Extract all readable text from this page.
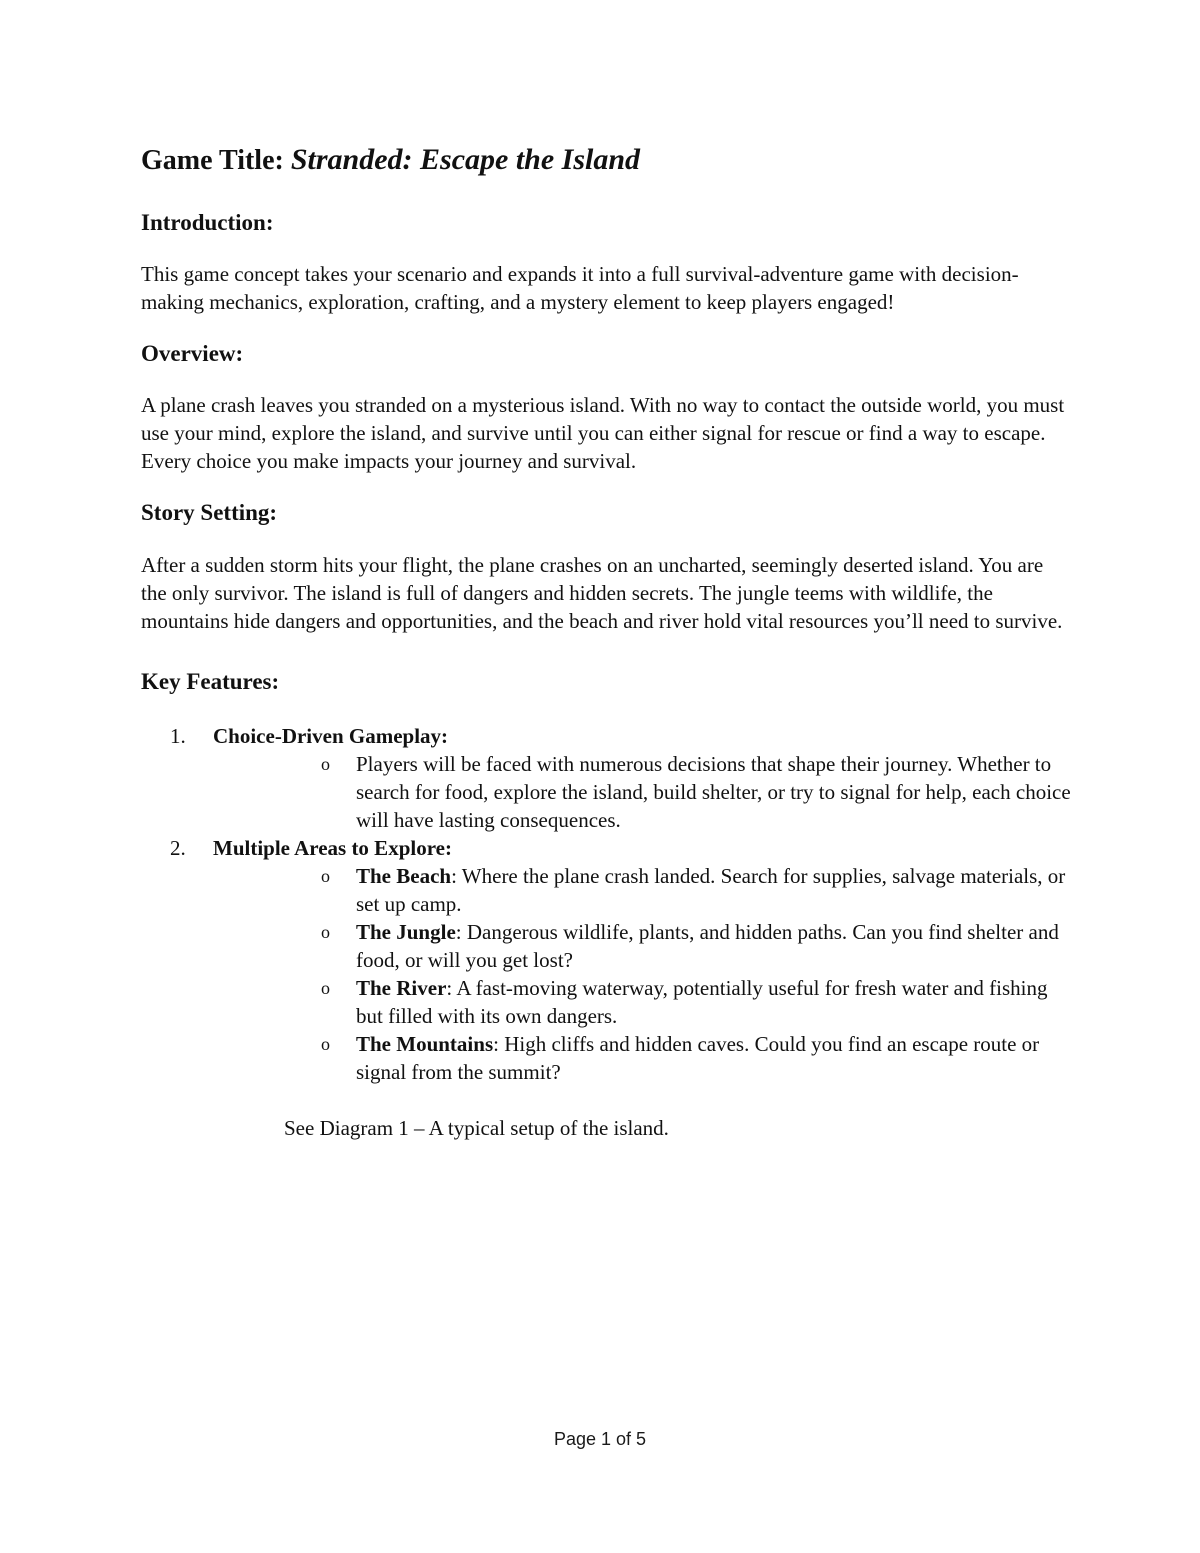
Game Title: Stranded: Escape the Island
Introduction:

This game concept takes your scenario and expands it into a full survival-adventure game with decision-making mechanics, exploration, crafting, and a mystery element to keep players engaged!

Overview:

A plane crash leaves you stranded on a mysterious island. With no way to contact the outside world, you must use your mind, explore the island, and survive until you can either signal for rescue or find a way to escape. Every choice you make impacts your journey and survival.

Story Setting:

After a sudden storm hits your flight, the plane crashes on an uncharted, seemingly deserted island. You are the only survivor. The island is full of dangers and hidden secrets. The jungle teems with wildlife, the mountains hide dangers and opportunities, and the beach and river hold vital resources you’ll need to survive.

Key Features:
1. Choice-Driven Gameplay:
o Players will be faced with numerous decisions that shape their journey. Whether to search for food, explore the island, build shelter, or try to signal for help, each choice will have lasting consequences.
2. Multiple Areas to Explore:
o The Beach: Where the plane crash landed. Search for supplies, salvage materials, or set up camp.
o The Jungle: Dangerous wildlife, plants, and hidden paths. Can you find shelter and food, or will you get lost?
o The River: A fast-moving waterway, potentially useful for fresh water and fishing but filled with its own dangers.
o The Mountains: High cliffs and hidden caves. Could you find an escape route or signal from the summit?

See Diagram 1 – A typical setup of the island.

Page 1 of 5
